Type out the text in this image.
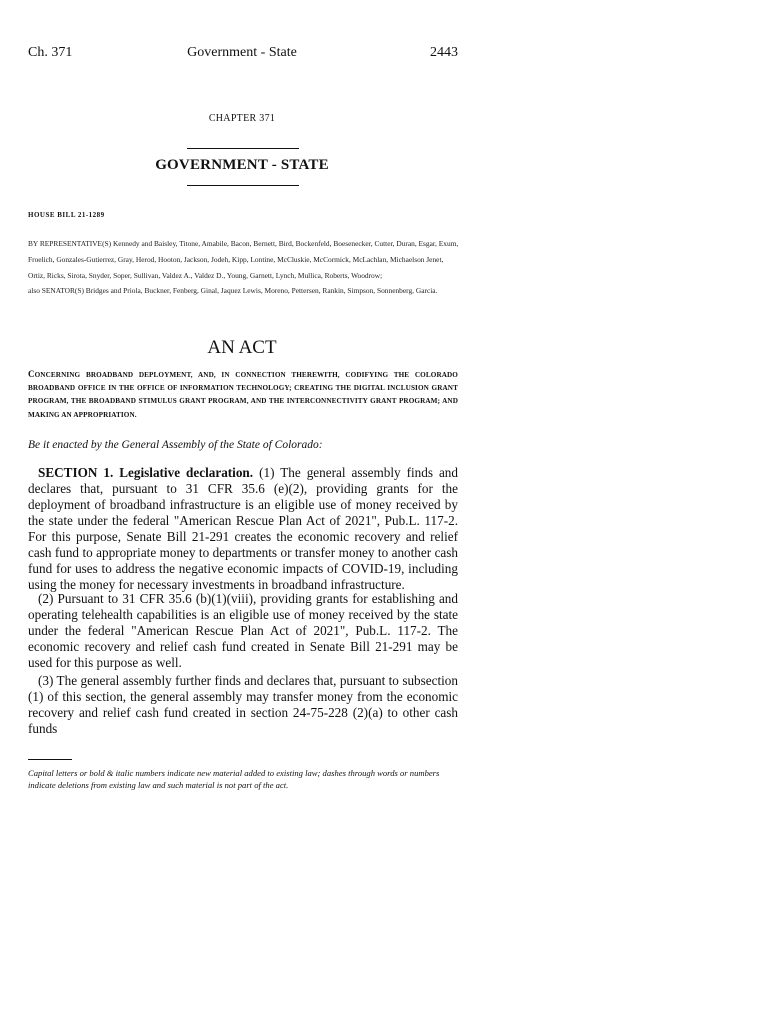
Ch. 371	Government - State	2443
CHAPTER 371
GOVERNMENT - STATE
HOUSE BILL 21-1289

BY REPRESENTATIVE(S) Kennedy and Baisley, Titone, Amabile, Bacon, Bernett, Bird, Bockenfeld, Boesenecker, Cutter, Duran, Esgar, Exum, Froelich, Gonzales-Gutierrez, Gray, Herod, Hooton, Jackson, Jodeh, Kipp, Lontine, McCluskie, McCormick, McLachlan, Michaelson Jenet, Ortiz, Ricks, Sirota, Snyder, Soper, Sullivan, Valdez A., Valdez D., Young, Garnett, Lynch, Mullica, Roberts, Woodrow;

also SENATOR(S) Bridges and Priola, Buckner, Fenberg, Ginal, Jaquez Lewis, Moreno, Pettersen, Rankin, Simpson, Sonnenberg, Garcia.

AN ACT
CONCERNING BROADBAND DEPLOYMENT, AND, IN CONNECTION THEREWITH, CODIFYING THE COLORADO BROADBAND OFFICE IN THE OFFICE OF INFORMATION TECHNOLOGY; CREATING THE DIGITAL INCLUSION GRANT PROGRAM, THE BROADBAND STIMULUS GRANT PROGRAM, AND THE INTERCONNECTIVITY GRANT PROGRAM; AND MAKING AN APPROPRIATION.
Be it enacted by the General Assembly of the State of Colorado:

SECTION 1. Legislative declaration. (1) The general assembly finds and declares that, pursuant to 31 CFR 35.6 (e)(2), providing grants for the deployment of broadband infrastructure is an eligible use of money received by the state under the federal "American Rescue Plan Act of 2021", Pub.L. 117-2. For this purpose, Senate Bill 21-291 creates the economic recovery and relief cash fund to appropriate money to departments or transfer money to another cash fund for uses to address the negative economic impacts of COVID-19, including using the money for necessary investments in broadband infrastructure.

(2) Pursuant to 31 CFR 35.6 (b)(1)(viii), providing grants for establishing and operating telehealth capabilities is an eligible use of money received by the state under the federal "American Rescue Plan Act of 2021", Pub.L. 117-2. The economic recovery and relief cash fund created in Senate Bill 21-291 may be used for this purpose as well.

(3) The general assembly further finds and declares that, pursuant to subsection (1) of this section, the general assembly may transfer money from the economic recovery and relief cash fund created in section 24-75-228 (2)(a) to other cash funds

Capital letters or bold & italic numbers indicate new material added to existing law; dashes through words or numbers indicate deletions from existing law and such material is not part of the act.
